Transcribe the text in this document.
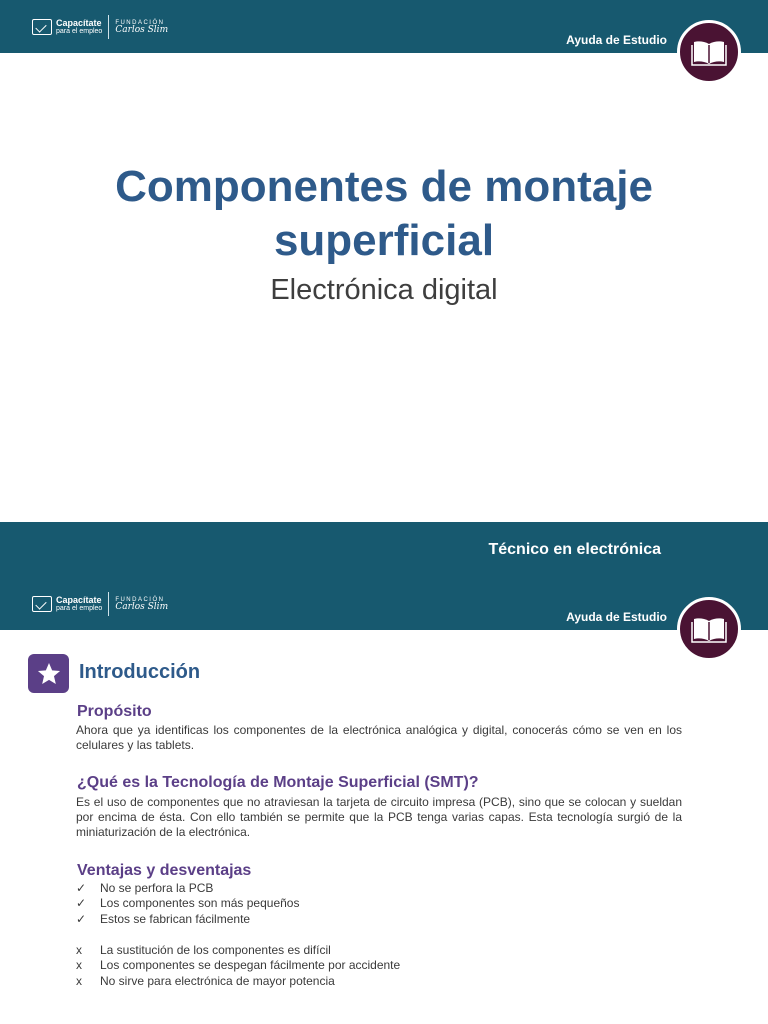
Capacítate
para el empleo
FUNDACIÓN
Carlos Slim
Ayuda de Estudio
Componentes de montaje
superficial
Electrónica digital
Técnico en electrónica
Capacítate
para el empleo
FUNDACIÓN
Carlos Slim
Ayuda de Estudio
Introducción
Propósito
Ahora que ya identificas los componentes de la electrónica analógica y digital, conocerás cómo se ven en los celulares y las tablets.
¿Qué es la Tecnología de Montaje Superficial (SMT)?
Es el uso de componentes que no atraviesan la tarjeta de circuito impresa (PCB), sino que se colocan y sueldan por encima de ésta. Con ello también se permite que la PCB tenga varias capas. Esta tecnología surgió de la miniaturización de la electrónica.
Ventajas y desventajas
✓	No se perfora la PCB
✓	Los componentes son más pequeños
✓	Estos se fabrican fácilmente
x	La sustitución de los componentes es difícil
x	Los componentes se despegan fácilmente por accidente
x	No sirve para electrónica de mayor potencia
